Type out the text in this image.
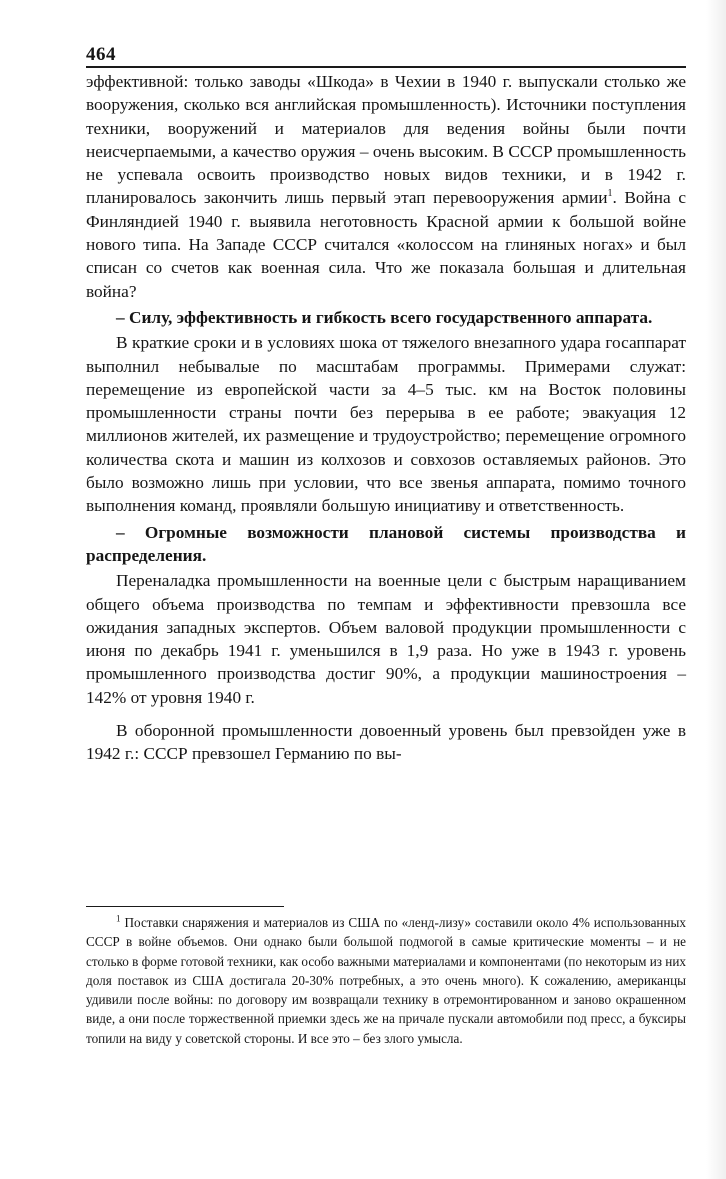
464

эффективной: только заводы «Шкода» в Чехии в 1940 г. выпускали столько же вооружения, сколько вся английская промышленность). Источники поступления техники, вооружений и материалов для ведения войны были почти неисчерпаемыми, а качество оружия – очень высоким. В СССР промышленность не успевала освоить производство новых видов техники, и в 1942 г. планировалось закончить лишь первый этап перевооружения армии$^1$. Война с Финляндией 1940 г. выявила неготовность Красной армии к большой войне нового типа. На Западе СССР считался «колоссом на глиняных ногах» и был списан со счетов как военная сила. Что же показала большая и длительная война?

– Силу, эффективность и гибкость всего государственного аппарата.

В краткие сроки и в условиях шока от тяжелого внезапного удара госаппарат выполнил небывалые по масштабам программы. Примерами служат: перемещение из европейской части за 4–5 тыс. км на Восток половины промышленности страны почти без перерыва в ее работе; эвакуация 12 миллионов жителей, их размещение и трудоустройство; перемещение огромного количества скота и машин из колхозов и совхозов оставляемых районов. Это было возможно лишь при условии, что все звенья аппарата, помимо точного выполнения команд, проявляли большую инициативу и ответственность.

– Огромные возможности плановой системы производства и распределения.

Переналадка промышленности на военные цели с быстрым наращиванием общего объема производства по темпам и эффективности превзошла все ожидания западных экспертов. Объем валовой продукции промышленности с июня по декабрь 1941 г. уменьшился в 1,9 раза. Но уже в 1943 г. уровень промышленного производства достиг 90%, а продукции машиностроения – 142% от уровня 1940 г.

В оборонной промышленности довоенный уровень был превзойден уже в 1942 г.: СССР превзошел Германию по вы-

$^1$ Поставки снаряжения и материалов из США по «ленд-лизу» составили около 4% использованных СССР в войне объемов. Они однако были большой подмогой в самые критические моменты – и не столько в форме готовой техники, как особо важными материалами и компонентами (по некоторым из них доля поставок из США достигала 20-30% потребных, а это очень много). К сожалению, американцы удивили после войны: по договору им возвращали технику в отремонтированном и заново окрашенном виде, а они после торжественной приемки здесь же на причале пускали автомобили под пресс, а буксиры топили на виду у советской стороны. И все это – без злого умысла.
